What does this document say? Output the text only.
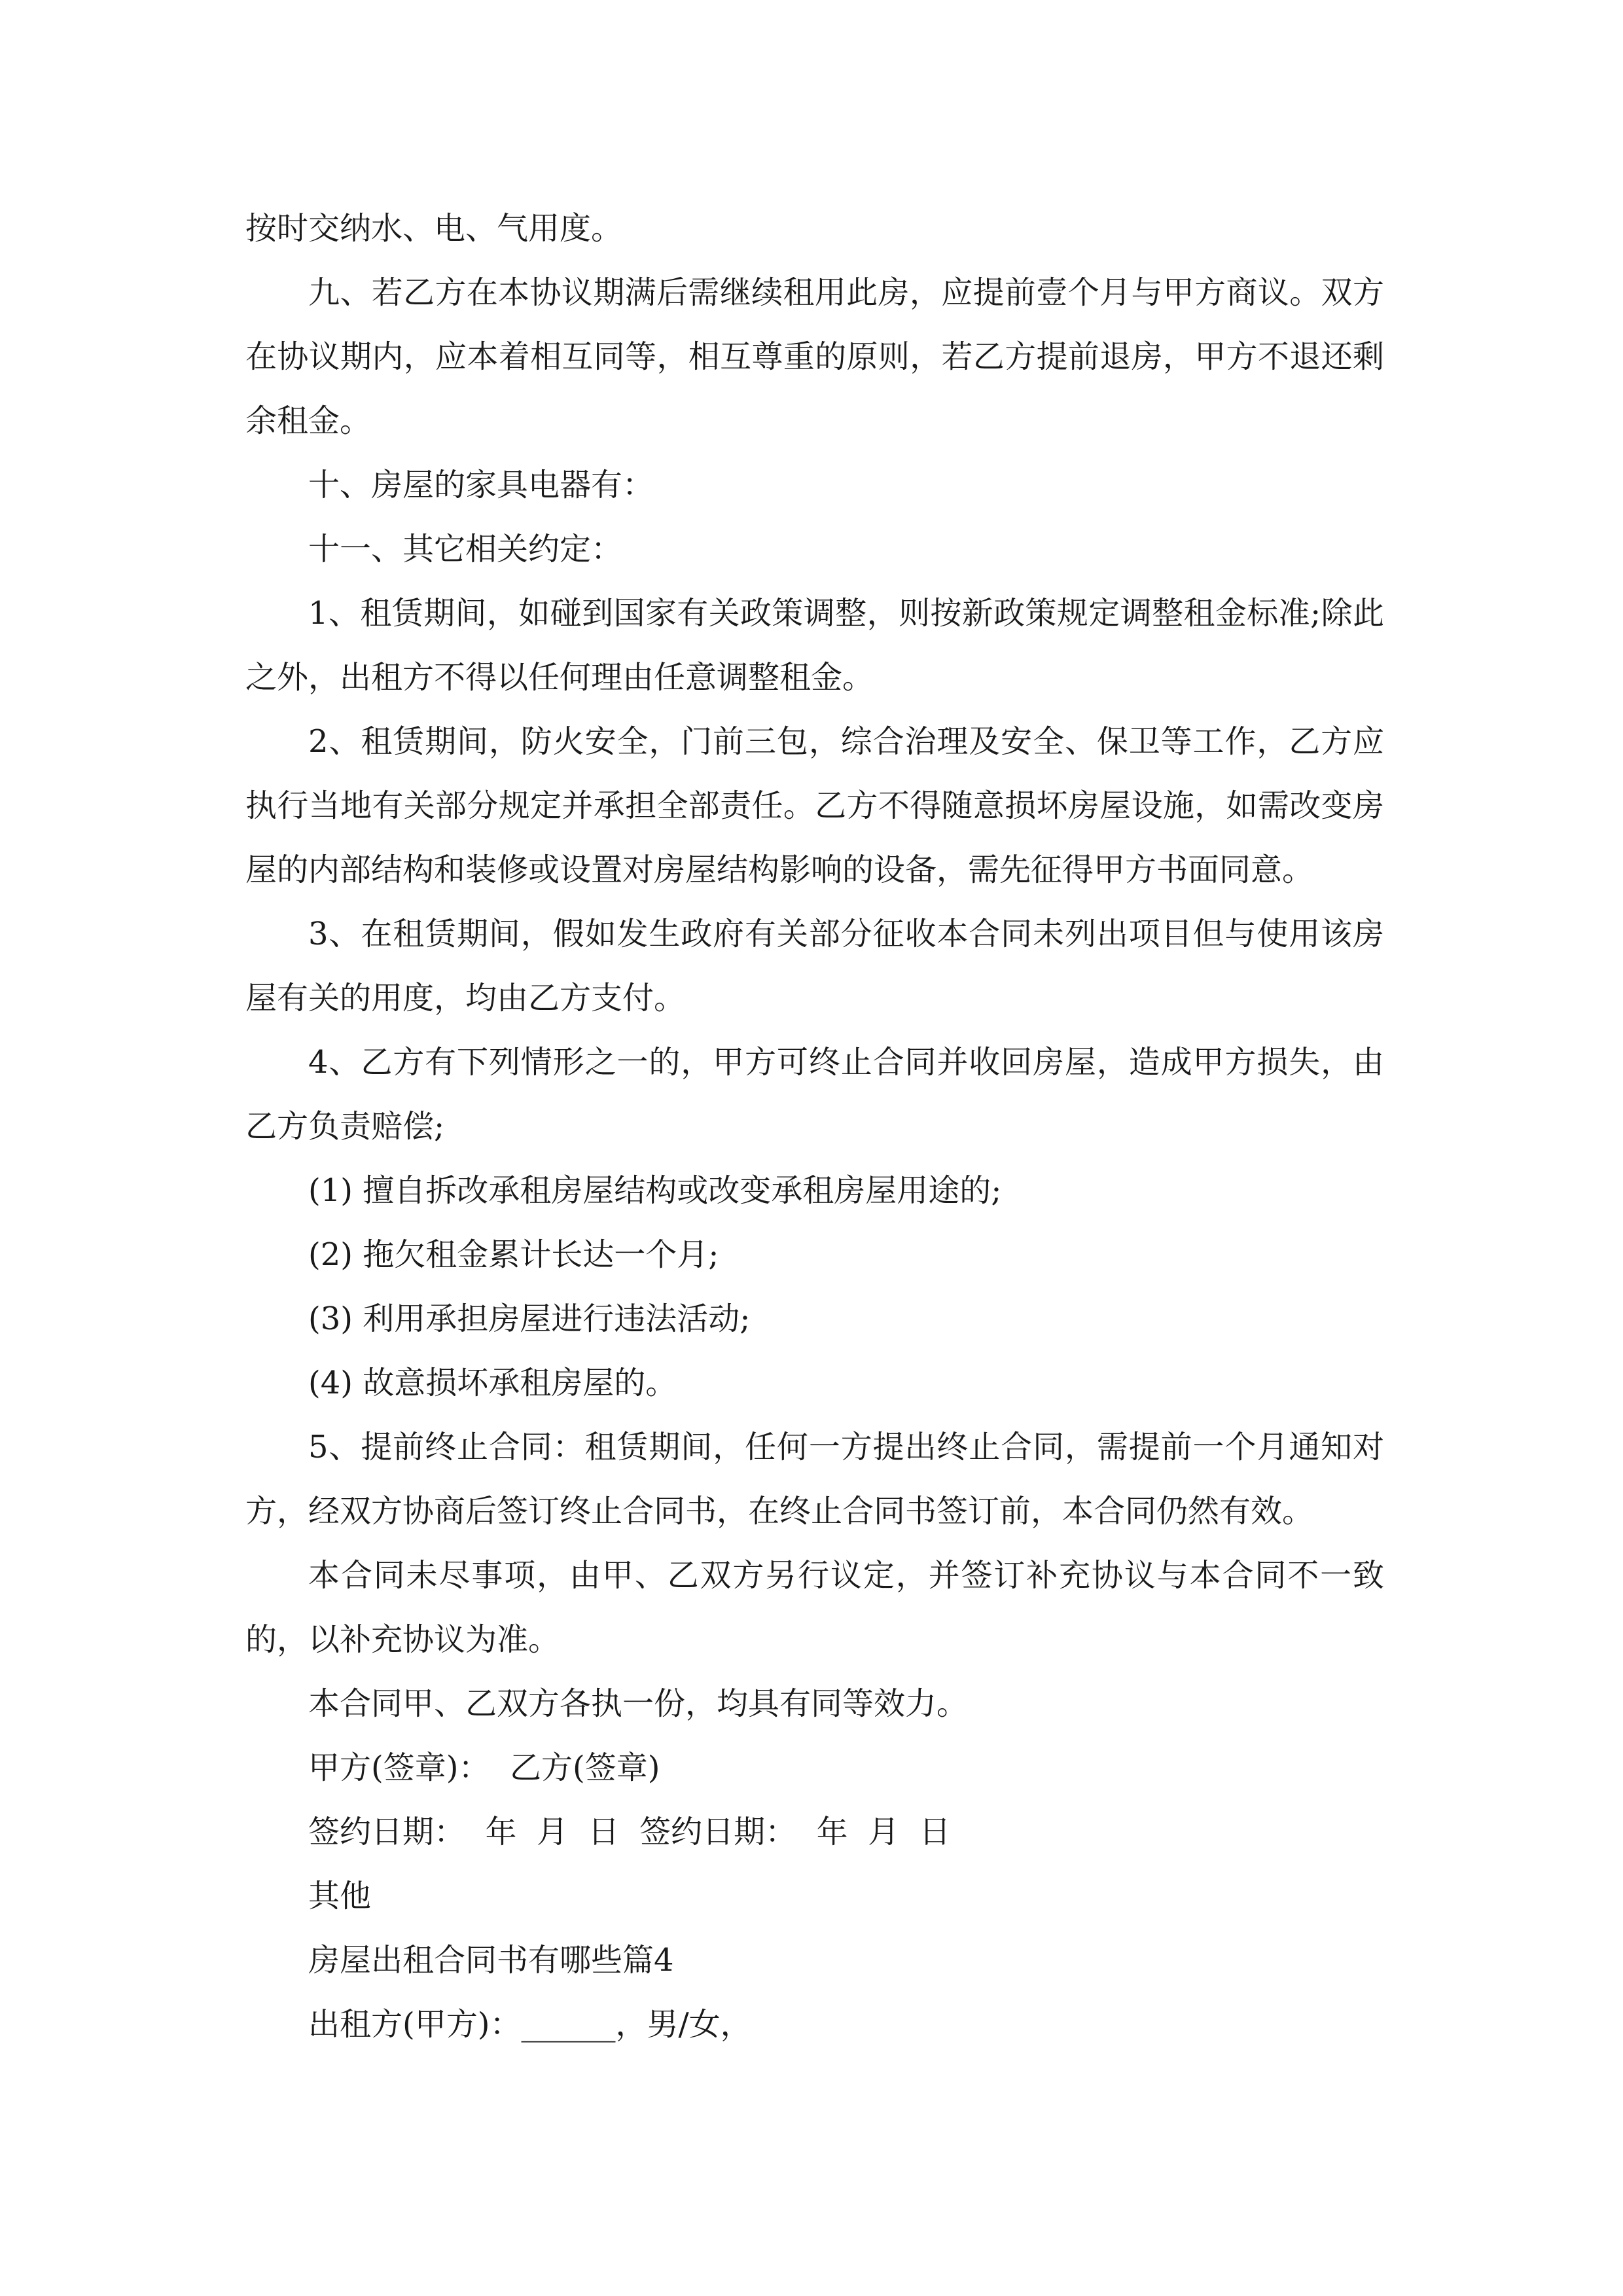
按时交纳水、电、气用度。

九、若乙方在本协议期满后需继续租用此房，应提前壹个月与甲方商议。双方在协议期内，应本着相互同等，相互尊重的原则，若乙方提前退房，甲方不退还剩余租金。

十、房屋的家具电器有：

十一、其它相关约定：

1、租赁期间，如碰到国家有关政策调整，则按新政策规定调整租金标准;除此之外，出租方不得以任何理由任意调整租金。

2、租赁期间，防火安全，门前三包，综合治理及安全、保卫等工作，乙方应执行当地有关部分规定并承担全部责任。乙方不得随意损坏房屋设施，如需改变房屋的内部结构和装修或设置对房屋结构影响的设备，需先征得甲方书面同意。

3、在租赁期间，假如发生政府有关部分征收本合同未列出项目但与使用该房屋有关的用度，均由乙方支付。

4、乙方有下列情形之一的，甲方可终止合同并收回房屋，造成甲方损失，由乙方负责赔偿;

(1) 擅自拆改承租房屋结构或改变承租房屋用途的;

(2) 拖欠租金累计长达一个月;

(3) 利用承担房屋进行违法活动;

(4) 故意损坏承租房屋的。

5、提前终止合同：租赁期间，任何一方提出终止合同，需提前一个月通知对方，经双方协商后签订终止合同书，在终止合同书签订前，本合同仍然有效。

本合同未尽事项，由甲、乙双方另行议定，并签订补充协议与本合同不一致的，以补充协议为准。

本合同甲、乙双方各执一份，均具有同等效力。

甲方(签章)：  乙方(签章)

签约日期：  年  月  日  签约日期：  年  月  日

其他

房屋出租合同书有哪些篇4

出租方(甲方)：______，男/女，
